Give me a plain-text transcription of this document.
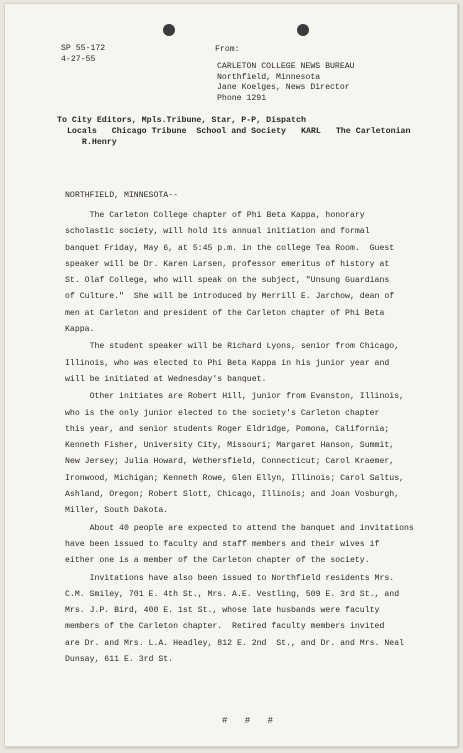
SP 55-172
4-27-55
From:
CARLETON COLLEGE NEWS BUREAU
Northfield, Minnesota
Jane Koelges, News Director
Phone 1291
To City Editors, Mpls.Tribune, Star, P-P, Dispatch
Locals   Chicago Tribune  School and Society   KARL   The Carletonian
R.Henry
NORTHFIELD, MINNESOTA--

The Carleton College chapter of Phi Beta Kappa, honorary
scholastic society, will hold its annual initiation and formal
banquet Friday, May 6, at 5:45 p.m. in the college Tea Room.  Guest
speaker will be Dr. Karen Larsen, professor emeritus of history at
St. Olaf College, who will speak on the subject, "Unsung Guardians
of Culture."  She will be introduced by Merrill E. Jarchow, dean of
men at Carleton and president of the Carleton chapter of Phi Beta
Kappa.

The student speaker will be Richard Lyons, senior from Chicago,
Illinois, who was elected to Phi Beta Kappa in his junior year and
will be initiated at Wednesday's banquet.

Other initiates are Robert Hill, junior from Evanston, Illinois,
who is the only junior elected to the society's Carleton chapter
this year, and senior students Roger Eldridge, Pomona, California;
Kenneth Fisher, University City, Missouri; Margaret Hanson, Summit,
New Jersey; Julia Howard, Wethersfield, Connecticut; Carol Kraemer,
Ironwood, Michigan; Kenneth Rowe, Glen Ellyn, Illinois; Carol Saltus,
Ashland, Oregon; Robert Slott, Chicago, Illinois; and Joan Vosburgh,
Miller, South Dakota.

About 40 people are expected to attend the banquet and invitations
have been issued to faculty and staff members and their wives if
either one is a member of the Carleton chapter of the society.

Invitations have also been issued to Northfield residents Mrs.
C.M. Smiley, 701 E. 4th St., Mrs. A.E. Vestling, 509 E. 3rd St., and
Mrs. J.P. Bird, 400 E. 1st St., whose late husbands were faculty
members of the Carleton chapter.  Retired faculty members invited
are Dr. and Mrs. L.A. Headley, 812 E. 2nd  St., and Dr. and Mrs. Neal
Dunsay, 611 E. 3rd St.

# # #
